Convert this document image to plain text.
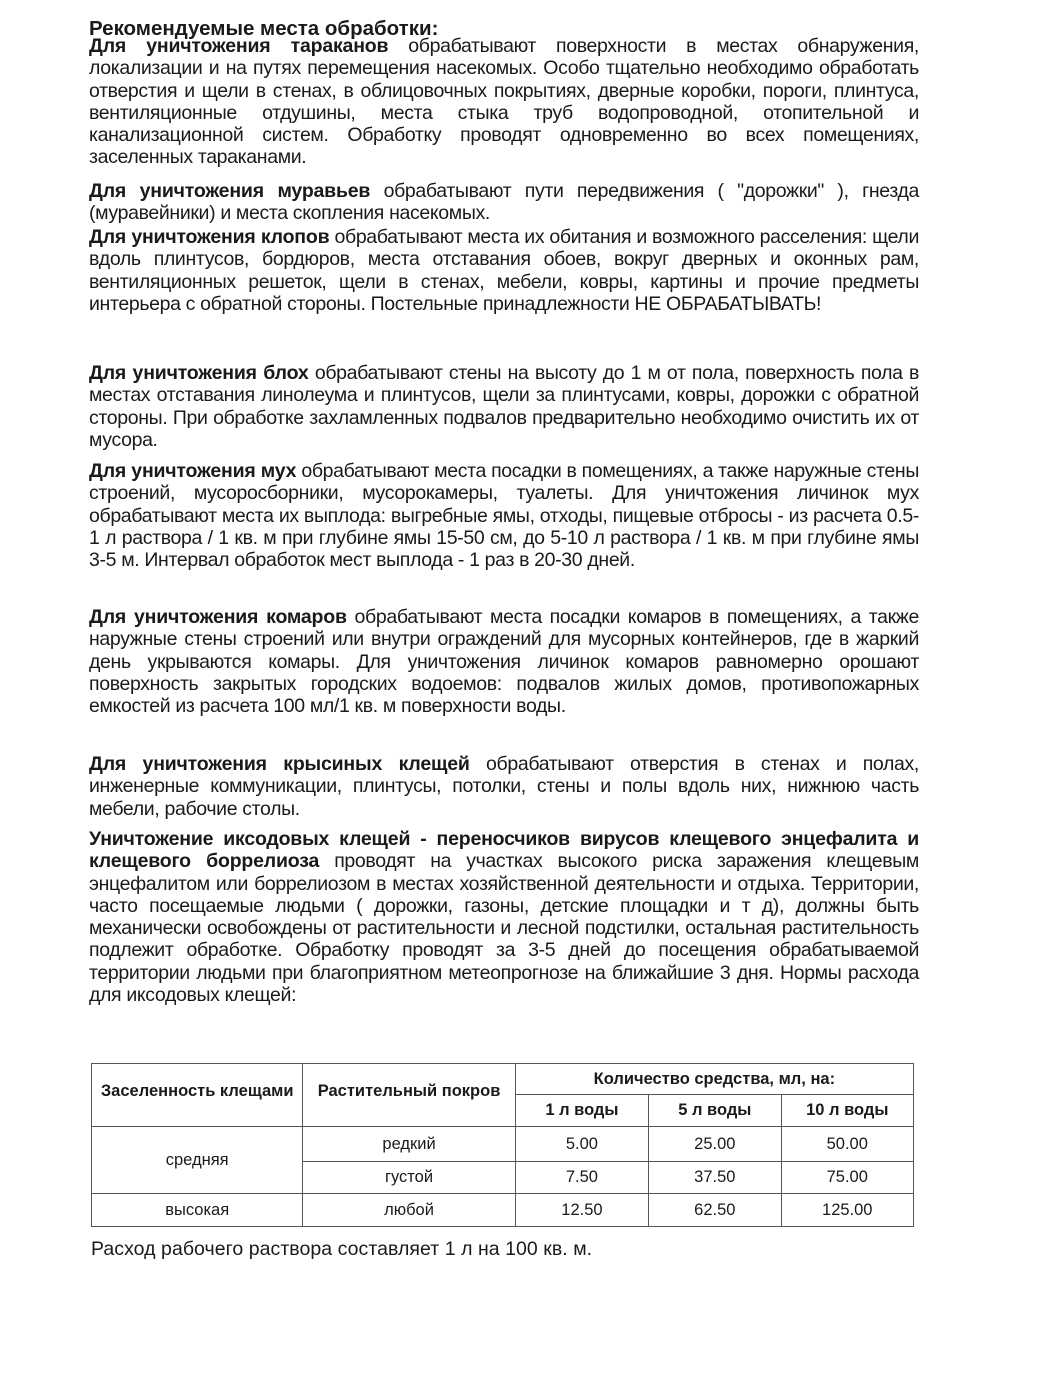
Рекомендуемые места обработки:

Для уничтожения тараканов обрабатывают поверхности в местах обнаружения, локализации и на путях перемещения насекомых. Особо тщательно необходимо обработать отверстия и щели в стенах, в облицовочных покрытиях, дверные коробки, пороги, плинтуса, вентиляционные отдушины, места стыка труб водопроводной, отопительной и канализационной систем. Обработку проводят одновременно во всех помещениях, заселенных тараканами.

Для уничтожения муравьев обрабатывают пути передвижения ( "дорожки" ), гнезда (муравейники) и места скопления насекомых.

Для уничтожения клопов обрабатывают места их обитания и возможного расселения: щели вдоль плинтусов, бордюров, места отставания обоев, вокруг дверных и оконных рам, вентиляционных решеток, щели в стенах, мебели, ковры, картины и прочие предметы интерьера с обратной стороны. Постельные принадлежности НЕ ОБРАБАТЫВАТЬ!

Для уничтожения блох обрабатывают стены на высоту до 1 м от пола, поверхность пола в местах отставания линолеума и плинтусов, щели за плинтусами, ковры, дорожки с обратной стороны. При обработке захламленных подвалов предварительно необходимо очистить их от мусора.

Для уничтожения мух обрабатывают места посадки в помещениях, а также наружные стены строений, мусоросборники, мусорокамеры, туалеты. Для уничтожения личинок мух обрабатывают места их выплода: выгребные ямы, отходы, пищевые отбросы - из расчета 0.5-1 л раствора / 1 кв. м при глубине ямы 15-50 см, до 5-10 л раствора / 1 кв. м при глубине ямы 3-5 м. Интервал обработок мест выплода - 1 раз в 20-30 дней.

Для уничтожения комаров обрабатывают места посадки комаров в помещениях, а также наружные стены строений или внутри ограждений для мусорных контейнеров, где в жаркий день укрываются комары. Для уничтожения личинок комаров равномерно орошают поверхность закрытых городских водоемов: подвалов жилых домов, противопожарных емкостей из расчета 100 мл/1 кв. м поверхности воды.

Для уничтожения крысиных клещей обрабатывают отверстия в стенах и полах, инженерные коммуникации, плинтусы, потолки, стены и полы вдоль них, нижнюю часть мебели, рабочие столы.

Уничтожение иксодовых клещей - переносчиков вирусов клещевого энцефалита и клещевого боррелиоза проводят на участках высокого риска заражения клещевым энцефалитом или боррелиозом в местах хозяйственной деятельности и отдыха. Территории, часто посещаемые людьми ( дорожки, газоны, детские площадки и т д), должны быть механически освобождены от растительности и лесной подстилки, остальная растительность подлежит обработке. Обработку проводят за 3-5 дней до посещения обрабатываемой территории людьми при благоприятном метеопрогнозе на ближайшие 3 дня. Нормы расхода для иксодовых клещей:

Заселенность клещами	Растительный покров	Количество средства, мл, на:		
		1 л воды	5 л воды	10 л воды
средняя	редкий	5.00	25.00	50.00
	густой	7.50	37.50	75.00
высокая	любой	12.50	62.50	125.00
Расход рабочего раствора составляет 1 л на 100 кв. м.
